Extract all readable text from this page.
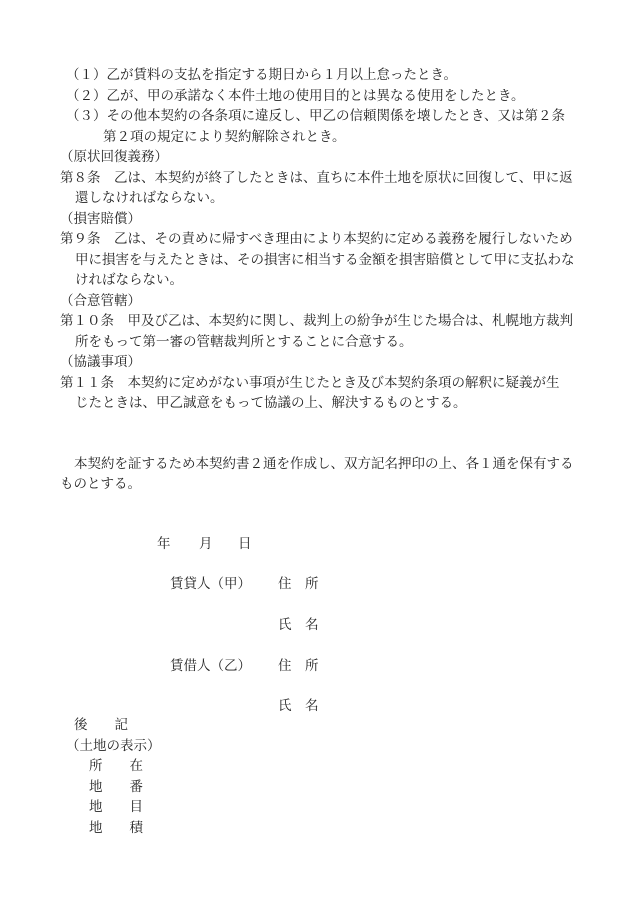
（１）乙が賃料の支払を指定する期日から１月以上怠ったとき。
（２）乙が、甲の承諾なく本件土地の使用目的とは異なる使用をしたとき。
（３）その他本契約の各条項に違反し、甲乙の信頼関係を壊したとき、又は第２条
第２項の規定により契約解除されとき。
（原状回復義務）
第８条　乙は、本契約が終了したときは、直ちに本件土地を原状に回復して、甲に返
還しなければならない。
（損害賠償）
第９条　乙は、その責めに帰すべき理由により本契約に定める義務を履行しないため
甲に損害を与えたときは、その損害に相当する金額を損害賠償として甲に支払わな
ければならない。
（合意管轄）
第１０条　甲及び乙は、本契約に関し、裁判上の紛争が生じた場合は、札幌地方裁判
所をもって第一審の管轄裁判所とすることに合意する。
（協議事項）
第１１条　本契約に定めがない事項が生じたとき及び本契約条項の解釈に疑義が生
じたときは、甲乙誠意をもって協議の上、解決するものとする。
本契約を証するため本契約書２通を作成し、双方記名押印の上、各１通を保有する
ものとする。
年 月 日
賃貸人（甲） 住　所
氏　名
賃借人（乙） 住　所
氏　名
後　　記
（土地の表示）
所　　在
地　　番
地　　目
地　　積
